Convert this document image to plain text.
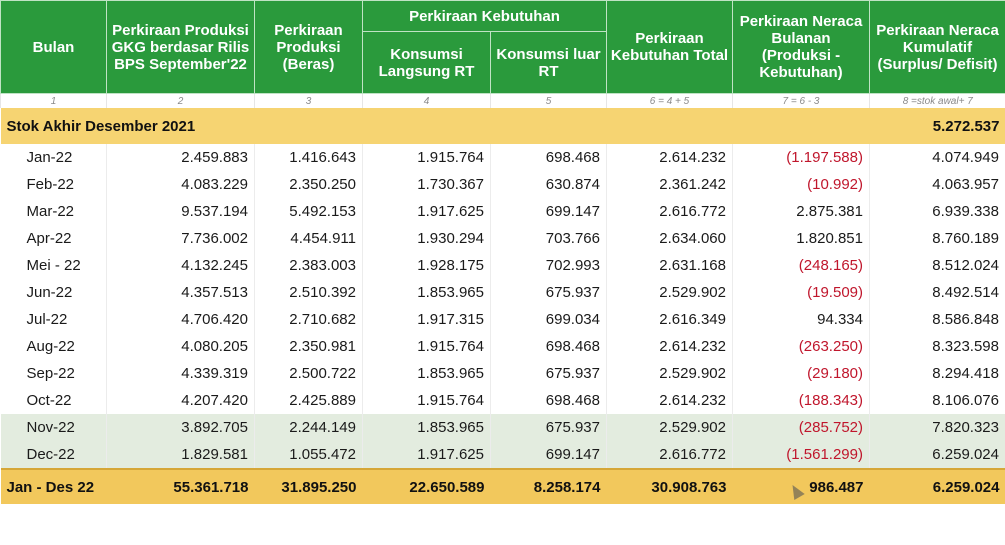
Bulan	Perkiraan Produksi GKG berdasar Rilis BPS September'22	Perkiraan Produksi (Beras)	Perkiraan Kebutuhan		Perkiraan Kebutuhan Total	Perkiraan Neraca Bulanan (Produksi - Kebutuhan)	Perkiraan Neraca Kumulatif (Surplus/ Defisit)
			Konsumsi Langsung RT	Konsumsi luar RT			
1	2	3	4	5	6 = 4 + 5	7 = 6 - 3	8 =stok awal+ 7
Stok Akhir Desember 2021							5.272.537
Jan-22	2.459.883	1.416.643	1.915.764	698.468	2.614.232	(1.197.588)	4.074.949
Feb-22	4.083.229	2.350.250	1.730.367	630.874	2.361.242	(10.992)	4.063.957
Mar-22	9.537.194	5.492.153	1.917.625	699.147	2.616.772	2.875.381	6.939.338
Apr-22	7.736.002	4.454.911	1.930.294	703.766	2.634.060	1.820.851	8.760.189
Mei - 22	4.132.245	2.383.003	1.928.175	702.993	2.631.168	(248.165)	8.512.024
Jun-22	4.357.513	2.510.392	1.853.965	675.937	2.529.902	(19.509)	8.492.514
Jul-22	4.706.420	2.710.682	1.917.315	699.034	2.616.349	94.334	8.586.848
Aug-22	4.080.205	2.350.981	1.915.764	698.468	2.614.232	(263.250)	8.323.598
Sep-22	4.339.319	2.500.722	1.853.965	675.937	2.529.902	(29.180)	8.294.418
Oct-22	4.207.420	2.425.889	1.915.764	698.468	2.614.232	(188.343)	8.106.076
Nov-22	3.892.705	2.244.149	1.853.965	675.937	2.529.902	(285.752)	7.820.323
Dec-22	1.829.581	1.055.472	1.917.625	699.147	2.616.772	(1.561.299)	6.259.024
Jan - Des 22	55.361.718	31.895.250	22.650.589	8.258.174	30.908.763	986.487	6.259.024
